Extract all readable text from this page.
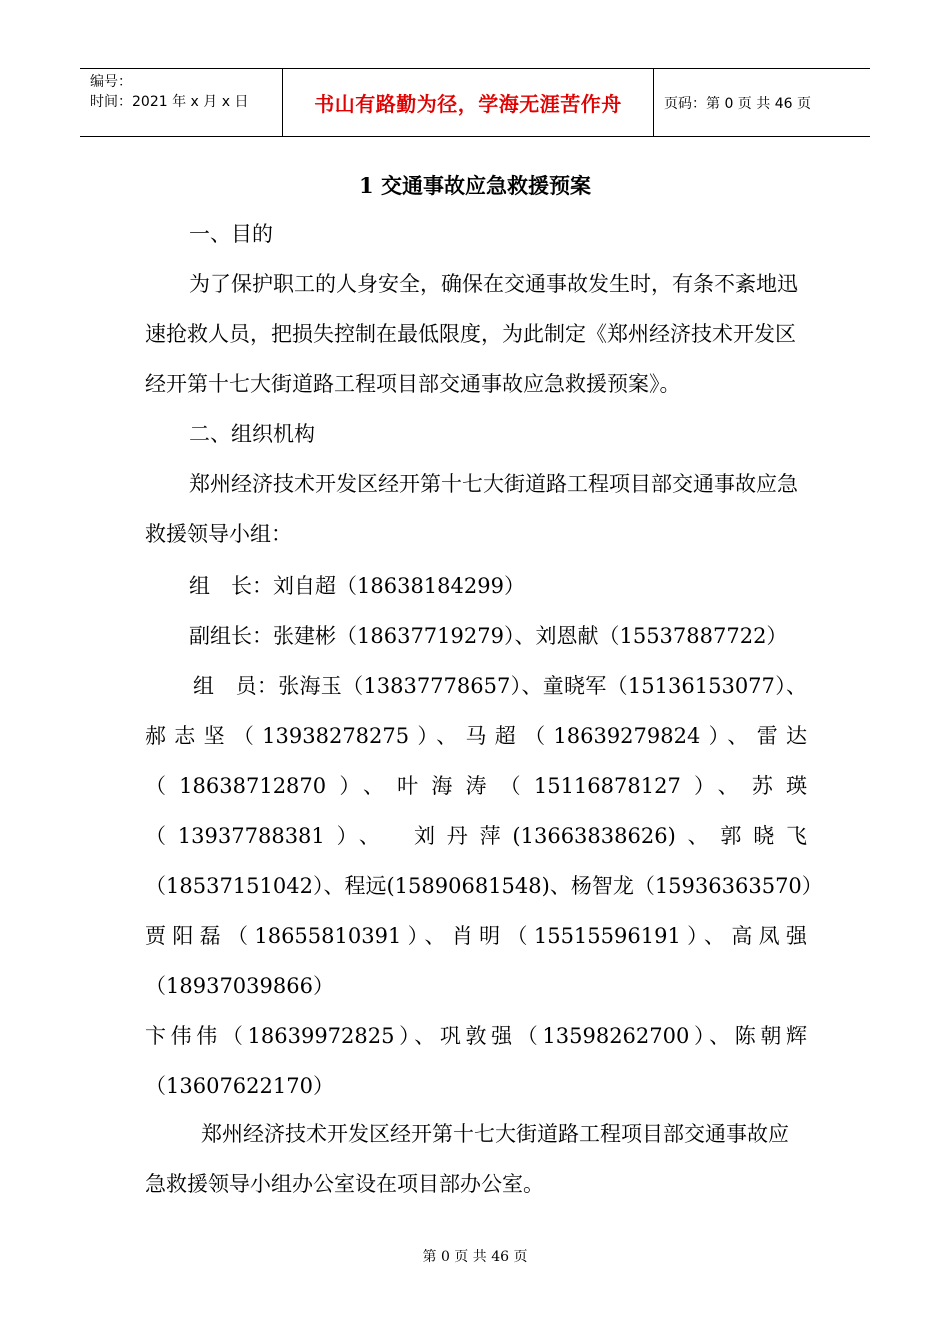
编号：
时间：2021 年 x 月 x 日	书山有路勤为径，学海无涯苦作舟	页码：第 0 页 共 46 页
1 交通事故应急救援预案

一、目的

为了保护职工的人身安全，确保在交通事故发生时，有条不紊地迅速抢救人员，把损失控制在最低限度，为此制定《郑州经济技术开发区经开第十七大街道路工程项目部交通事故应急救援预案》。

二、组织机构

郑州经济技术开发区经开第十七大街道路工程项目部交通事故应急救援领导小组：

组　长：刘自超（18638184299）

副组长：张建彬（18637719279）、刘恩献（15537887722）

组　员：张海玉（13837778657）、童晓军（15136153077）、

郝志坚（13938278275）、马超（18639279824）、雷达

（18638712870）、叶海涛（15116878127）、苏瑛

（13937788381）、　刘丹萍(13663838626)、郭晓飞

（18537151042）、程远(15890681548)、杨智龙（15936363570）

贾阳磊（18655810391）、肖明（15515596191）、高凤强

（18937039866）

卞伟伟（18639972825）、巩敦强（13598262700）、陈朝辉

（13607622170）

郑州经济技术开发区经开第十七大街道路工程项目部交通事故应急救援领导小组办公室设在项目部办公室。

第 0 页 共 46 页
